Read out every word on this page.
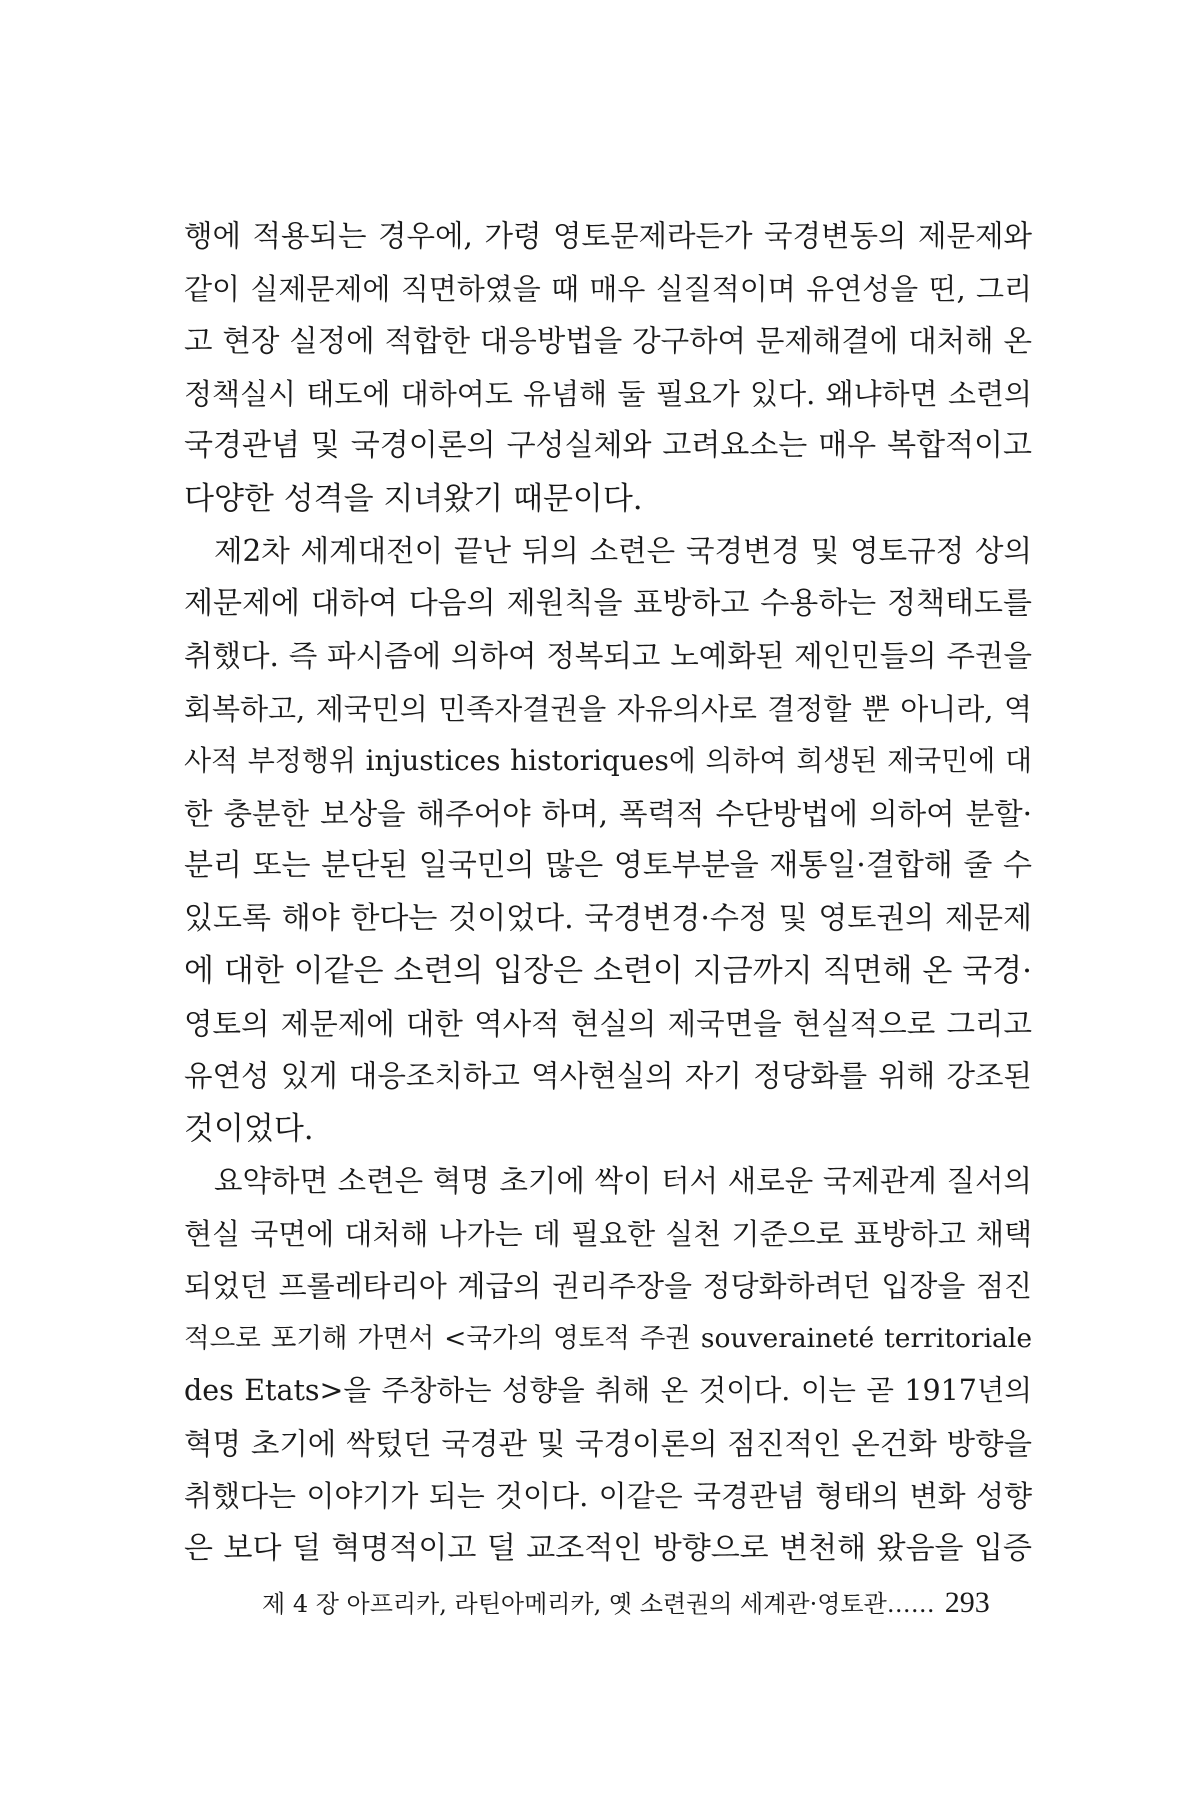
행에 적용되는 경우에, 가령 영토문제라든가 국경변동의 제문제와

같이 실제문제에 직면하였을 때 매우 실질적이며 유연성을 띤, 그리

고 현장 실정에 적합한 대응방법을 강구하여 문제해결에 대처해 온

정책실시 태도에 대하여도 유념해 둘 필요가 있다. 왜냐하면 소련의

국경관념 및 국경이론의 구성실체와 고려요소는 매우 복합적이고

다양한 성격을 지녀왔기 때문이다.

제2차 세계대전이 끝난 뒤의 소련은 국경변경 및 영토규정 상의

제문제에 대하여 다음의 제원칙을 표방하고 수용하는 정책태도를

취했다. 즉 파시즘에 의하여 정복되고 노예화된 제인민들의 주권을

회복하고, 제국민의 민족자결권을 자유의사로 결정할 뿐 아니라, 역

사적 부정행위 injustices historiques에 의하여 희생된 제국민에 대

한 충분한 보상을 해주어야 하며, 폭력적 수단방법에 의하여 분할·

분리 또는 분단된 일국민의 많은 영토부분을 재통일·결합해 줄 수

있도록 해야 한다는 것이었다. 국경변경·수정 및 영토권의 제문제

에 대한 이같은 소련의 입장은 소련이 지금까지 직면해 온 국경·

영토의 제문제에 대한 역사적 현실의 제국면을 현실적으로 그리고

유연성 있게 대응조치하고 역사현실의 자기 정당화를 위해 강조된

것이었다.

요약하면 소련은 혁명 초기에 싹이 터서 새로운 국제관계 질서의

현실 국면에 대처해 나가는 데 필요한 실천 기준으로 표방하고 채택

되었던 프롤레타리아 계급의 권리주장을 정당화하려던 입장을 점진

적으로 포기해 가면서 <국가의 영토적 주권 souveraineté territoriale

des Etats>을 주창하는 성향을 취해 온 것이다. 이는 곧 1917년의

혁명 초기에 싹텄던 국경관 및 국경이론의 점진적인 온건화 방향을

취했다는 이야기가 되는 것이다. 이같은 국경관념 형태의 변화 성향

은 보다 덜 혁명적이고 덜 교조적인 방향으로 변천해 왔음을 입증

제 4 장 아프리카, 라틴아메리카, 옛 소련권의 세계관·영토관…… 293
